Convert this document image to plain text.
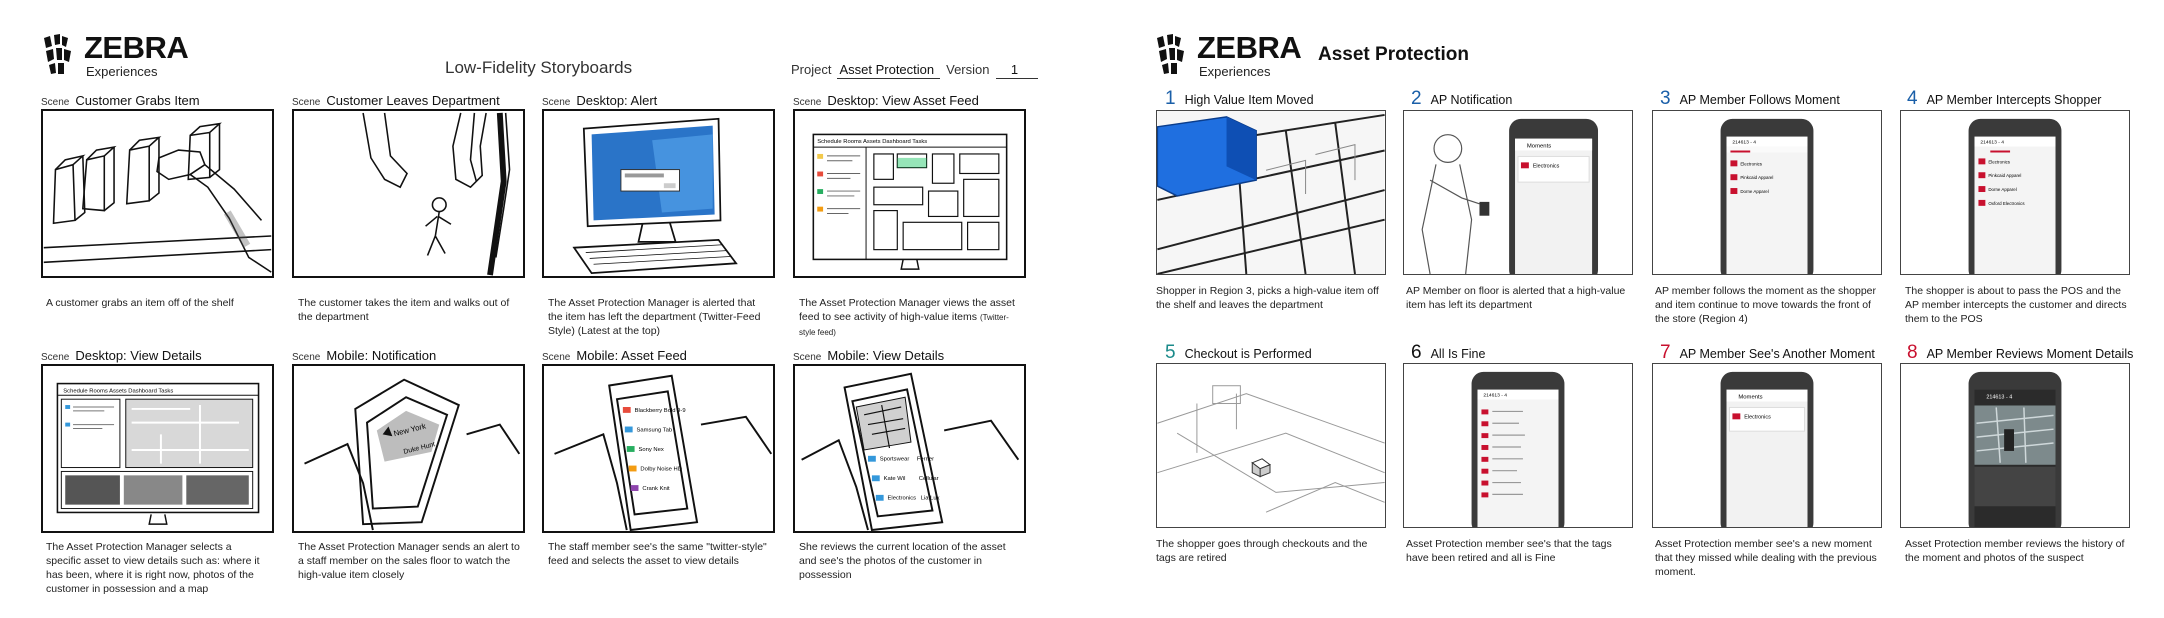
ZEBRA
Experiences	Low-Fidelity Storyboards	Project Asset Protection Version	1
Scene Customer Grabs Item
A customer grabs an item off of the shelf
Scene Customer Leaves Department
The customer takes the item and walks out of the department
Scene Desktop: Alert
The Asset Protection Manager is alerted that the item has left the department (Twitter-Feed Style) (Latest at the top)
Scene Desktop: View Asset Feed
Schedule Rooms Assets Dashboard Tasks
The Asset Protection Manager views the asset feed to see activity of high-value items (Twitter-style feed)
Scene Desktop: View Details
Schedule Rooms Assets Dashboard Tasks
The Asset Protection Manager selects a specific asset to view details such as: where it has been, where it is right now, photos of the customer in possession and a map
Scene Mobile: Notification
New York
Duke Hunt
The Asset Protection Manager sends an alert to a staff member on the sales floor to watch the high-value item closely
Scene Mobile: Asset Feed
Blackberry Bold 9-9
Samsung Tab
Sony Nex
Dolby Noise HD
Crank Knit
The staff member see's the same "twitter-style" feed and selects the asset to view details
Scene Mobile: View Details
Sportswear Ferrier
Kate Wil Cellular
Electronics Lia Lux
She reviews the current location of the asset and see's the photos of the customer in possession
ZEBRA
Experiences
Asset Protection
1 High Value Item Moved
Shopper in Region 3, picks a high-value item off the shelf and leaves the department
2 AP Notification
Moments
Electronics
AP Member on floor is alerted that a high-value item has left its department
3 AP Member Follows Moment
214613 - 4
Electronics
Pinkcaid Apparel
Dorne Apparel
AP member follows the moment as the shopper and item continue to move towards the front of the store (Region 4)
4 AP Member Intercepts Shopper
214613 - 4
Electronics
Pinkcaid Apparel
Dorne Apparel
Oxford Electronics
The shopper is about to pass the POS and the AP member intercepts the customer and directs them to the POS
5 Checkout is Performed
The shopper goes through checkouts and the tags are retired
6 All Is Fine
214613 - 4
Asset Protection member see's that the tags have been retired and all is Fine
7 AP Member See's Another Moment
Moments
Electronics
Asset Protection member see's a new moment that they missed while dealing with the previous moment.
8 AP Member Reviews Moment Details
214613 - 4
Asset Protection member reviews the history of the moment and photos of the suspect
